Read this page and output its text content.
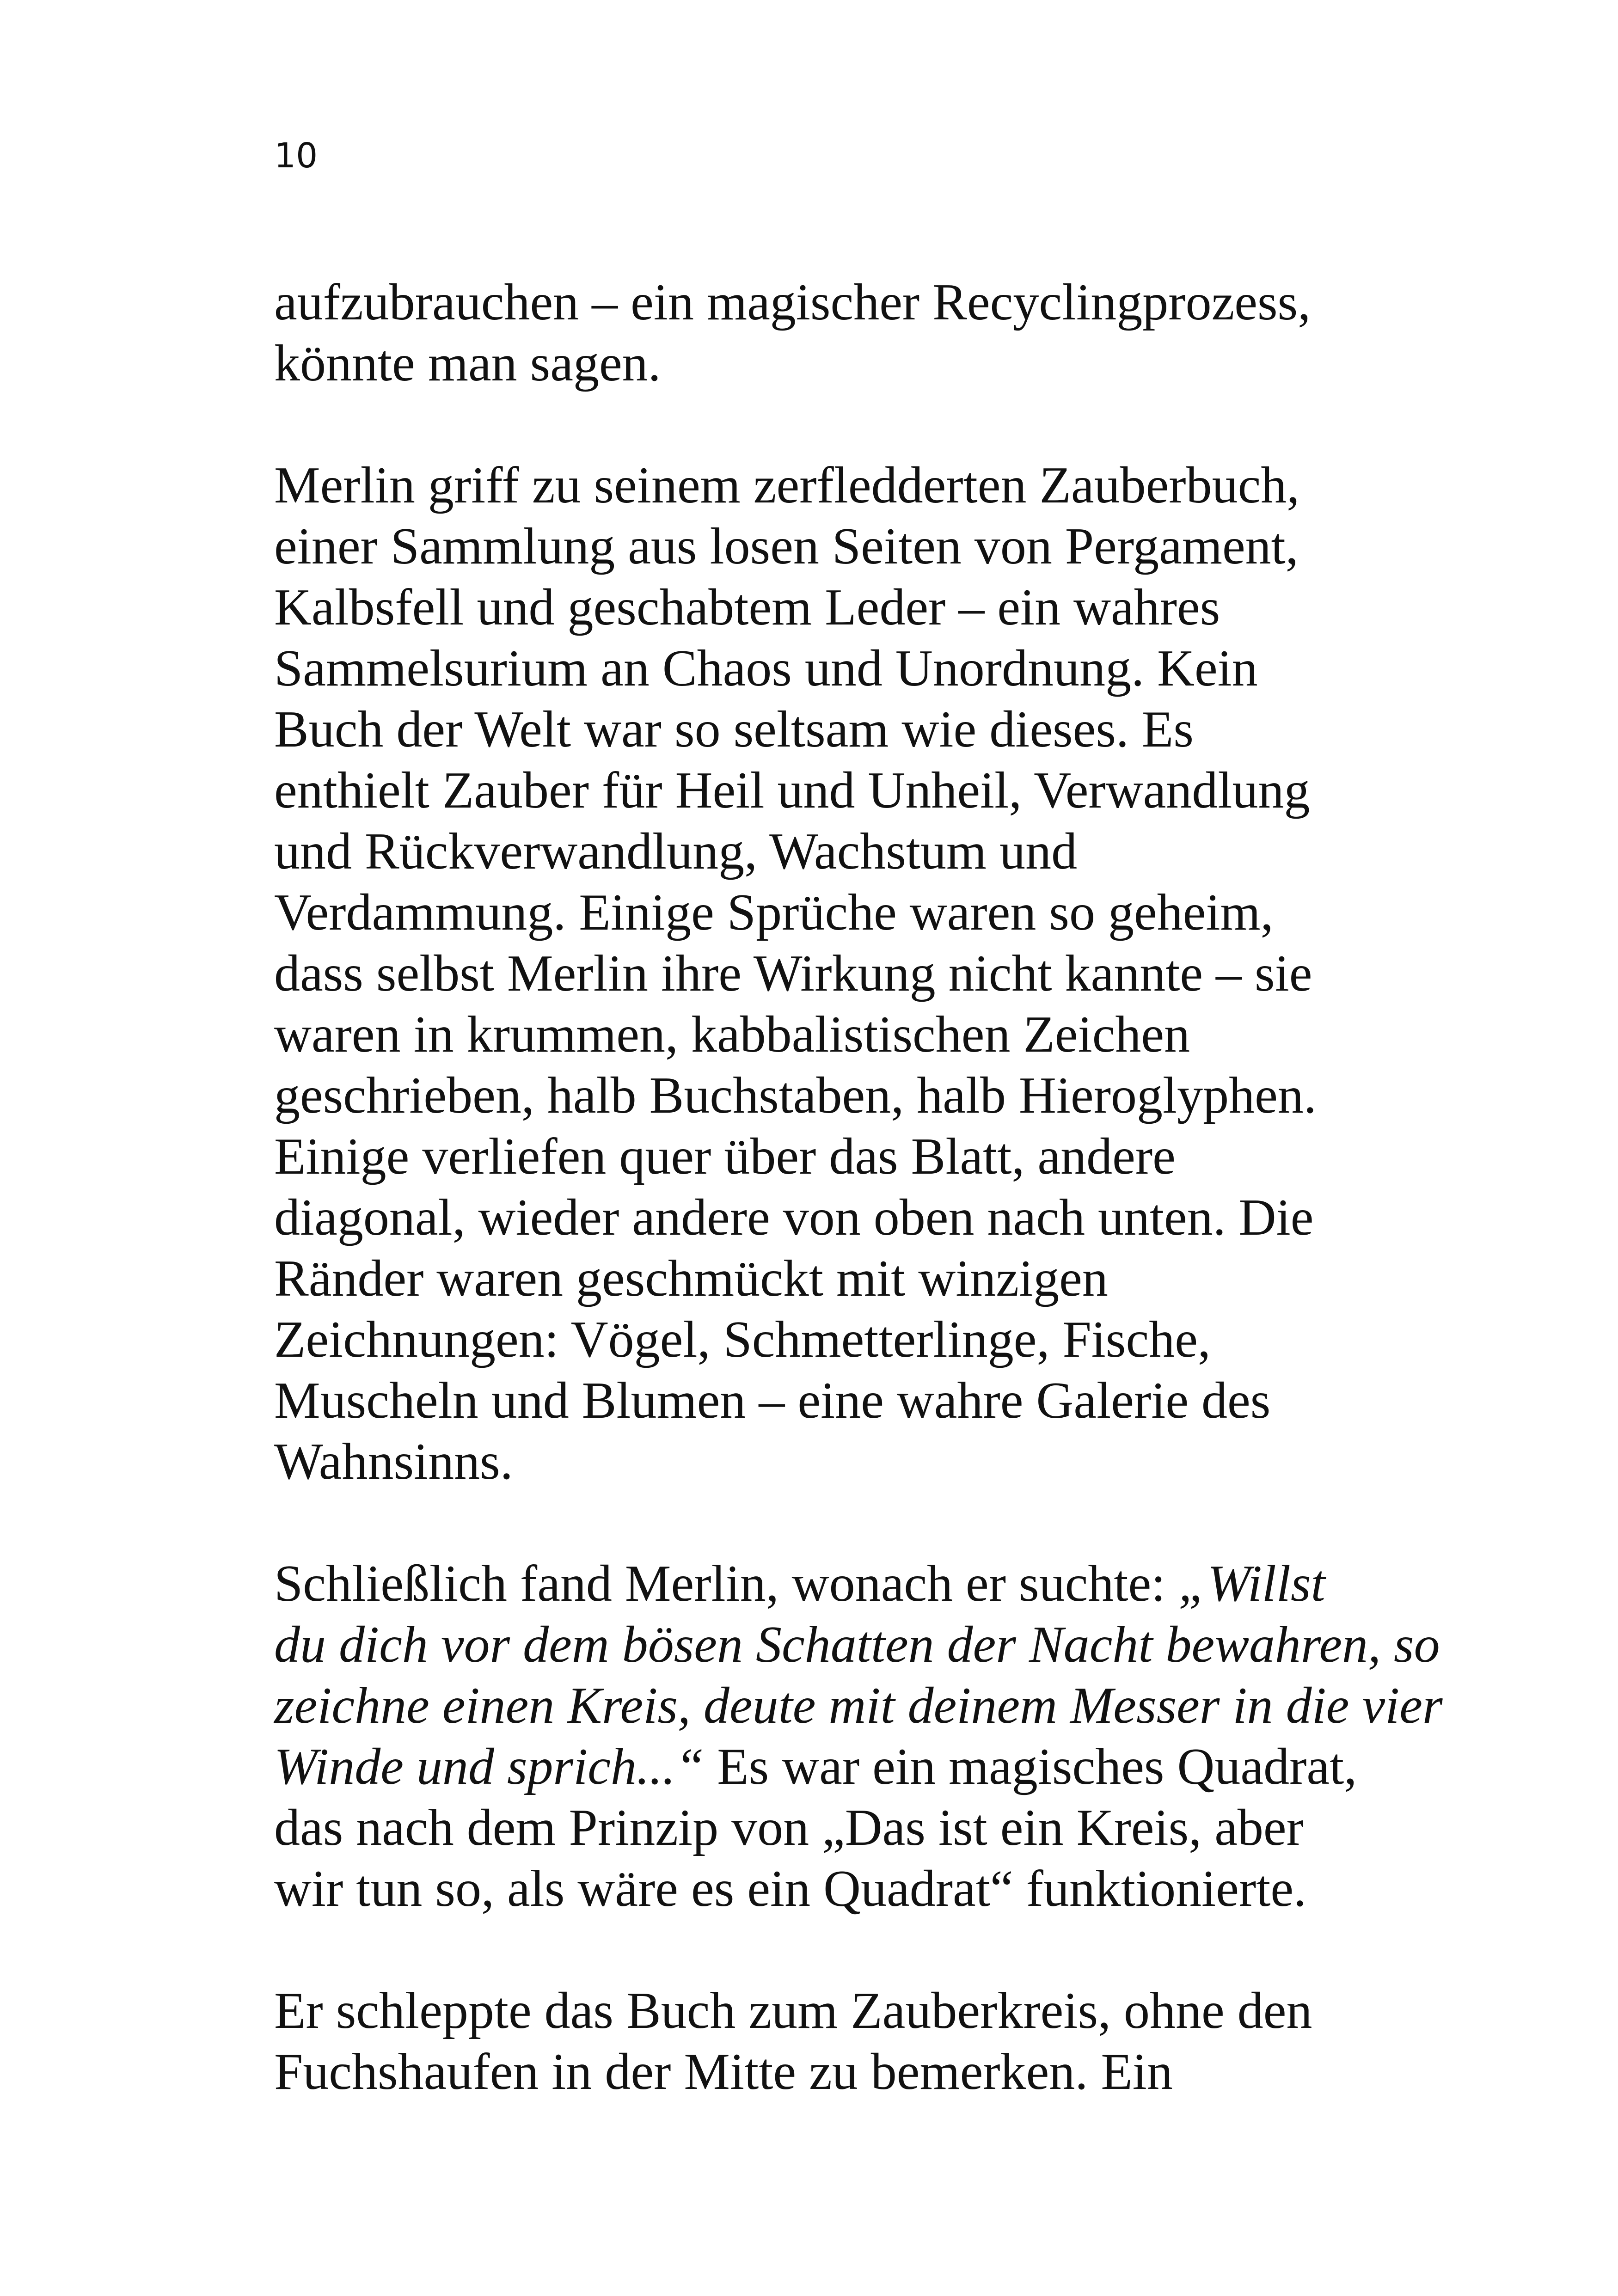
10

aufzubrauchen – ein magischer Recyclingprozess,
könnte man sagen.

Merlin griff zu seinem zerfledderten Zauberbuch,
einer Sammlung aus losen Seiten von Pergament,
Kalbsfell und geschabtem Leder – ein wahres
Sammelsurium an Chaos und Unordnung. Kein
Buch der Welt war so seltsam wie dieses. Es
enthielt Zauber für Heil und Unheil, Verwandlung
und Rückverwandlung, Wachstum und
Verdammung. Einige Sprüche waren so geheim,
dass selbst Merlin ihre Wirkung nicht kannte – sie
waren in krummen, kabbalistischen Zeichen
geschrieben, halb Buchstaben, halb Hieroglyphen.
Einige verliefen quer über das Blatt, andere
diagonal, wieder andere von oben nach unten. Die
Ränder waren geschmückt mit winzigen
Zeichnungen: Vögel, Schmetterlinge, Fische,
Muscheln und Blumen – eine wahre Galerie des
Wahnsinns.

Schließlich fand Merlin, wonach er suchte: „Willst
du dich vor dem bösen Schatten der Nacht bewahren, so
zeichne einen Kreis, deute mit deinem Messer in die vier
Winde und sprich...“ Es war ein magisches Quadrat,
das nach dem Prinzip von „Das ist ein Kreis, aber
wir tun so, als wäre es ein Quadrat“ funktionierte.

Er schleppte das Buch zum Zauberkreis, ohne den
Fuchshaufen in der Mitte zu bemerken. Ein
